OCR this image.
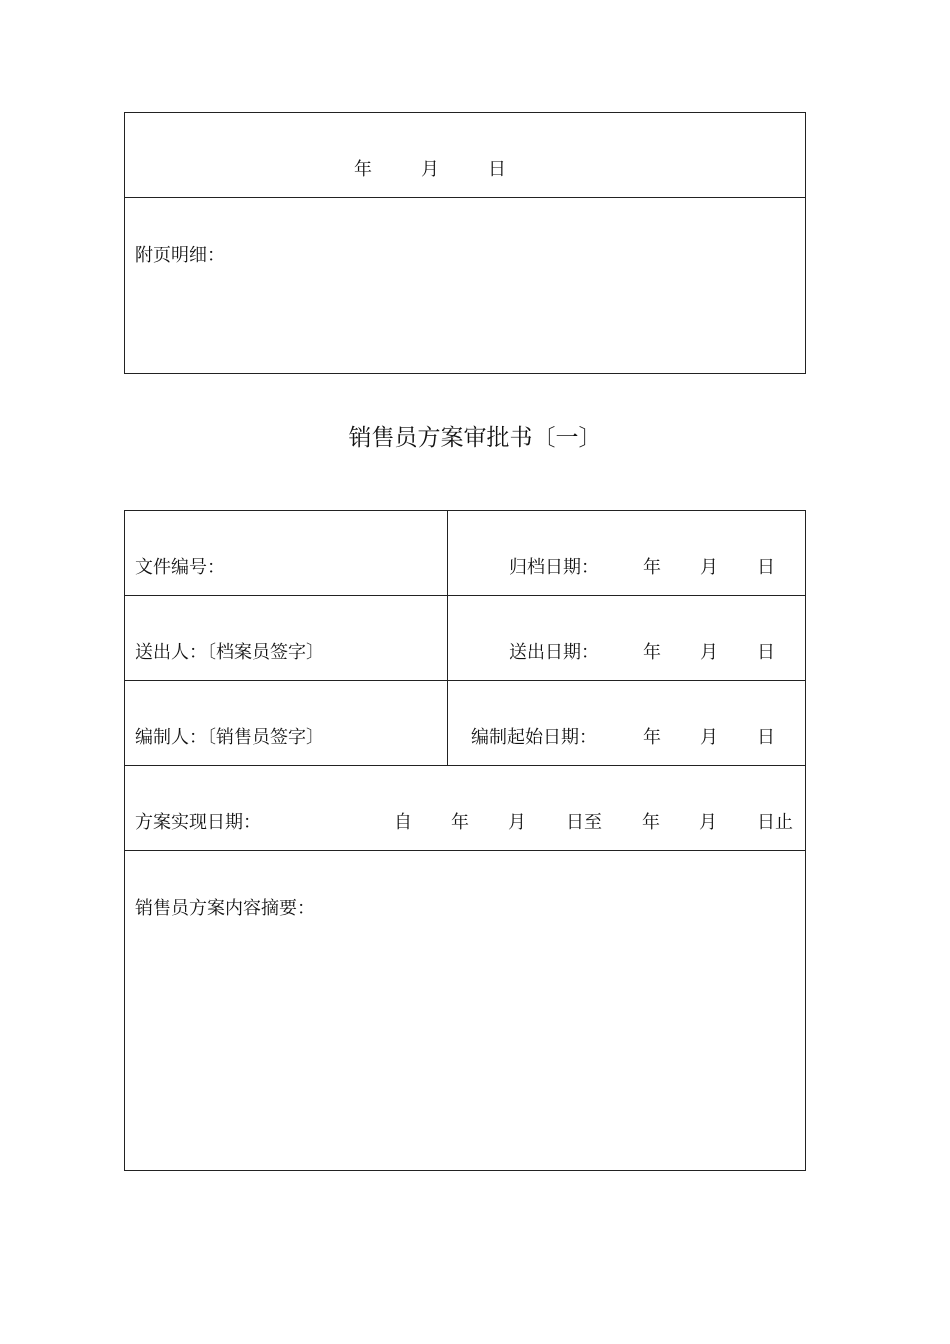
年	月	日
附页明细：
销售员方案审批书〔一〕
文件编号：	归档日期： 年 月 日
送出人：〔档案员签字〕	送出日期： 年 月 日
编制人：〔销售员签字〕	编制起始日期：	年 月 日
方案实现日期：	自 年 月 日至 年 月 日止
销售员方案内容摘要：
